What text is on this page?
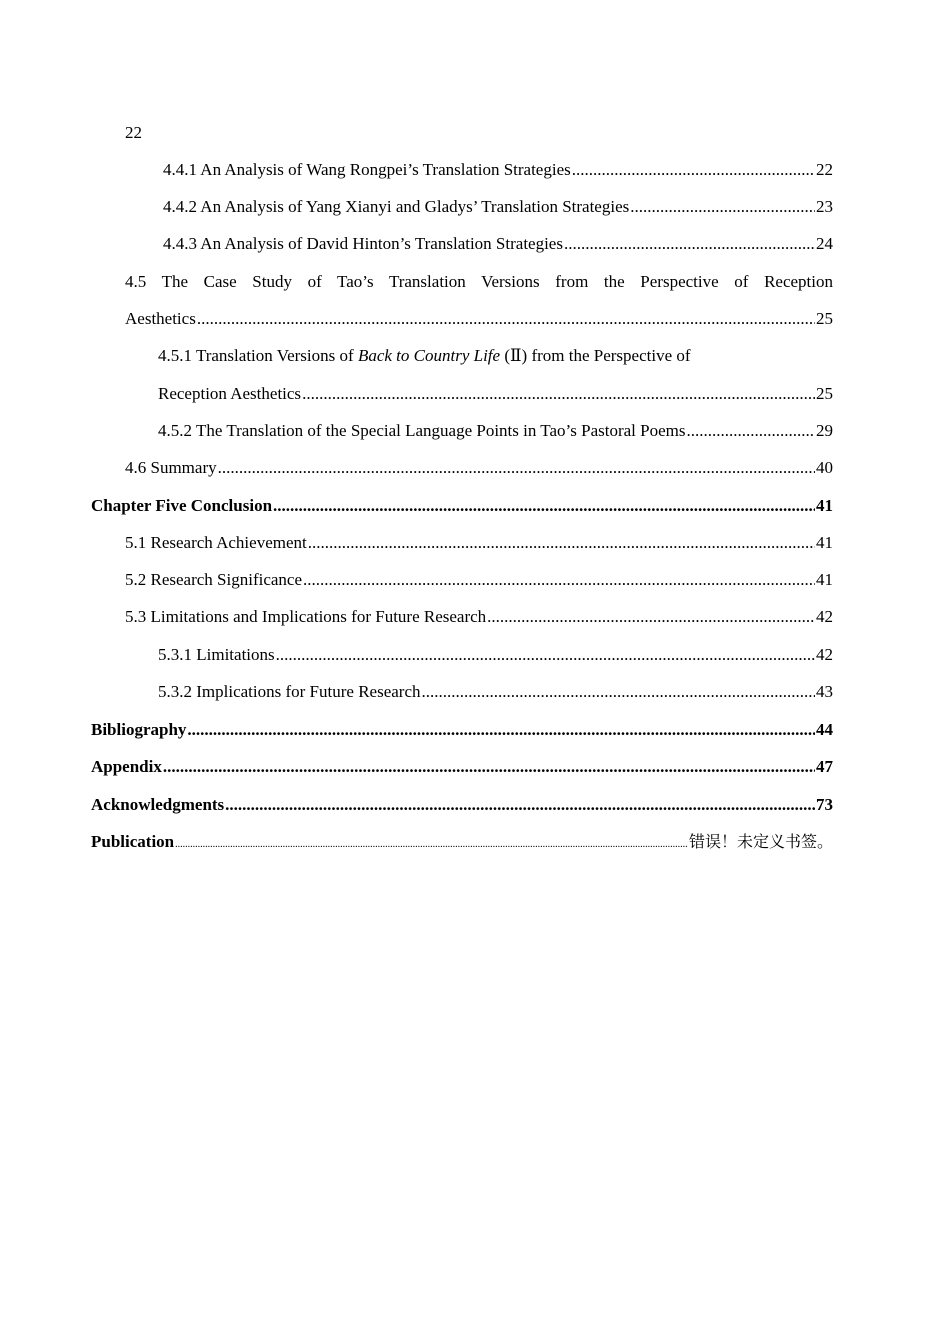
22
4.4.1 An Analysis of Wang Rongpei’s Translation Strategies .....	22
4.4.2 An Analysis of Yang Xianyi and Gladys’ Translation Strategies .....	23
4.4.3 An Analysis of David Hinton’s Translation Strategies .....	24
4.5 The Case Study of Tao’s Translation Versions from the Perspective of Reception
Aesthetics .....	25
4.5.1 Translation Versions of Back to Country Life (Ⅱ) from the Perspective of
Reception Aesthetics .....	25
4.5.2 The Translation of the Special Language Points in Tao’s Pastoral Poems .....	29
4.6 Summary .....	40
Chapter Five Conclusion .....	41
5.1 Research Achievement .....	41
5.2 Research Significance .....	41
5.3 Limitations and Implications for Future Research .....	42
5.3.1 Limitations .....	42
5.3.2 Implications for Future Research .....	43
Bibliography .....	44
Appendix .....	47
Acknowledgments .....	73
Publication .....	错误！未定义书签。
